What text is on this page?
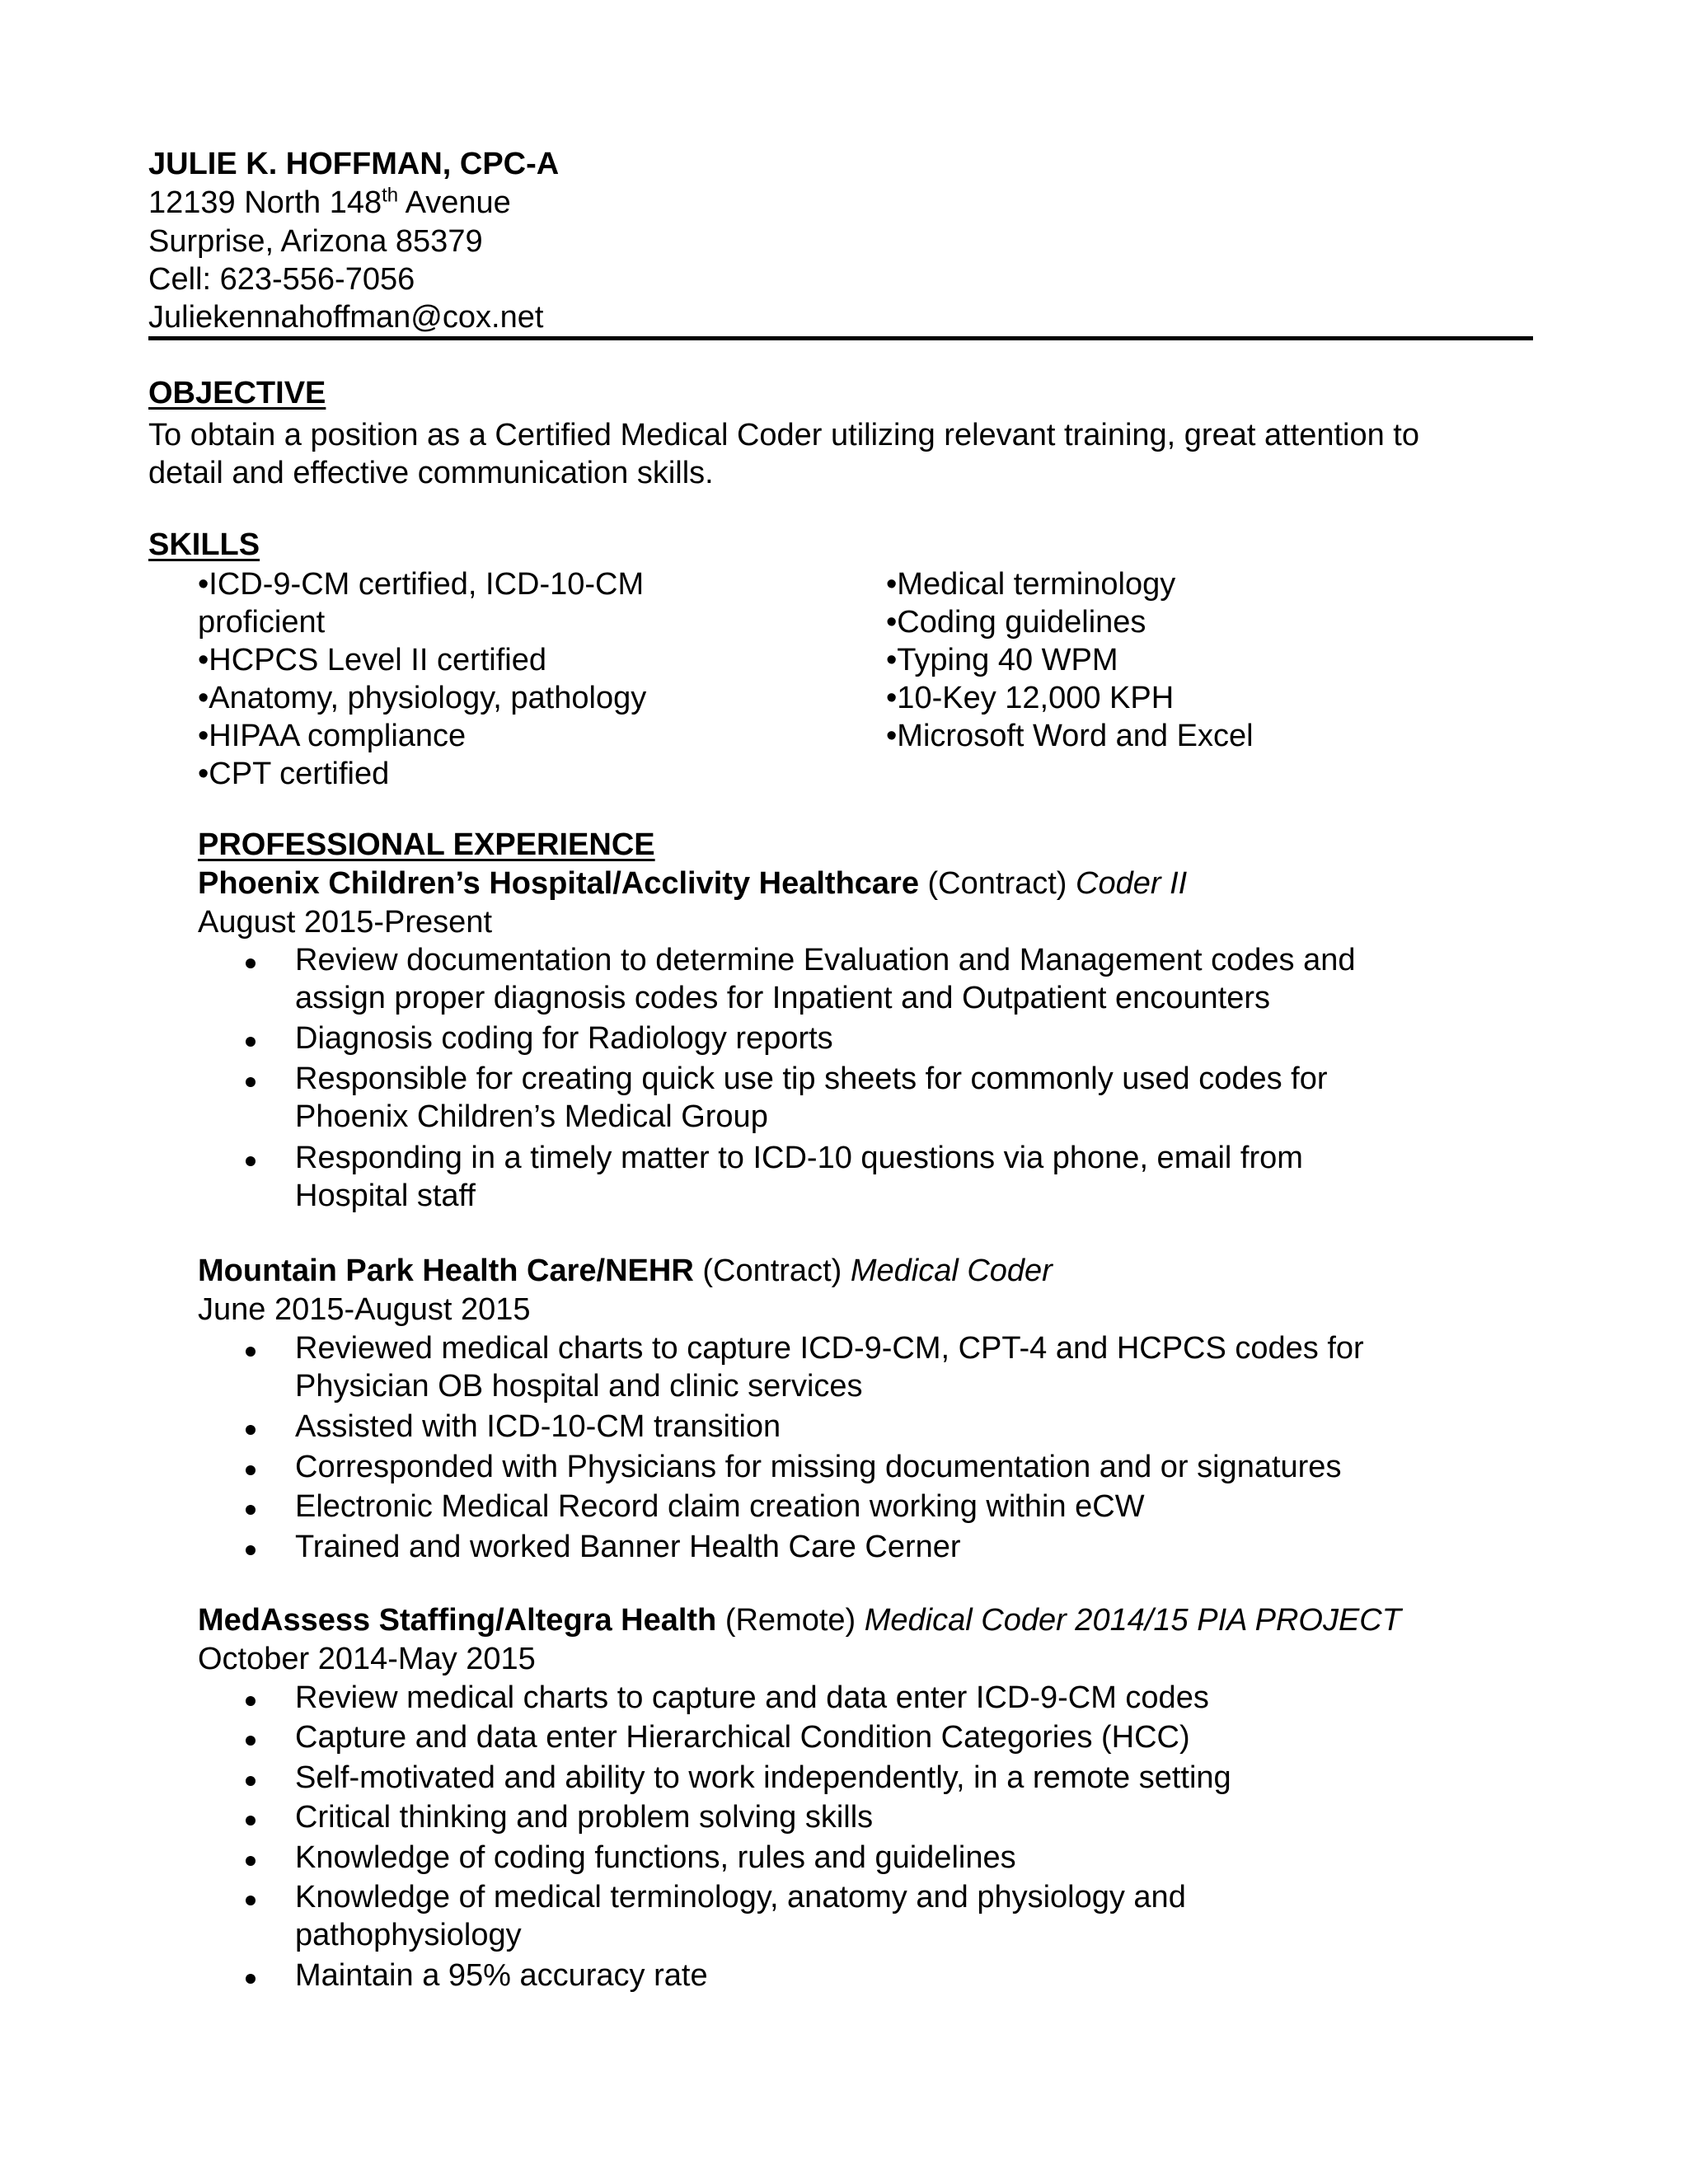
JULIE K. HOFFMAN, CPC-A
12139 North 148th Avenue
Surprise, Arizona 85379
Cell: 623-556-7056
Juliekennahoffman@cox.net
OBJECTIVE
To obtain a position as a Certified Medical Coder utilizing relevant training, great attention to
detail and effective communication skills.
SKILLS
•ICD-9-CM certified, ICD-10-CM
proficient
•HCPCS Level II certified
•Anatomy, physiology, pathology
•HIPAA compliance
•CPT certified
•Medical terminology
•Coding guidelines
•Typing 40 WPM
•10-Key 12,000 KPH
•Microsoft Word and Excel
PROFESSIONAL EXPERIENCE
Phoenix Children’s Hospital/Acclivity Healthcare (Contract) Coder II
August 2015-Present
Review documentation to determine Evaluation and Management codes and
assign proper diagnosis codes for Inpatient and Outpatient encounters
Diagnosis coding for Radiology reports
Responsible for creating quick use tip sheets for commonly used codes for
Phoenix Children’s Medical Group
Responding in a timely matter to ICD-10 questions via phone, email from
Hospital staff
Mountain Park Health Care/NEHR (Contract) Medical Coder
June 2015-August 2015
Reviewed medical charts to capture ICD-9-CM, CPT-4 and HCPCS codes for
Physician OB hospital and clinic services
Assisted with ICD-10-CM transition
Corresponded with Physicians for missing documentation and or signatures
Electronic Medical Record claim creation working within eCW
Trained and worked Banner Health Care Cerner
MedAssess Staffing/Altegra Health (Remote) Medical Coder 2014/15 PIA PROJECT
October 2014-May 2015
Review medical charts to capture and data enter ICD-9-CM codes
Capture and data enter Hierarchical Condition Categories (HCC)
Self-motivated and ability to work independently, in a remote setting
Critical thinking and problem solving skills
Knowledge of coding functions, rules and guidelines
Knowledge of medical terminology, anatomy and physiology and
pathophysiology
Maintain a 95% accuracy rate
